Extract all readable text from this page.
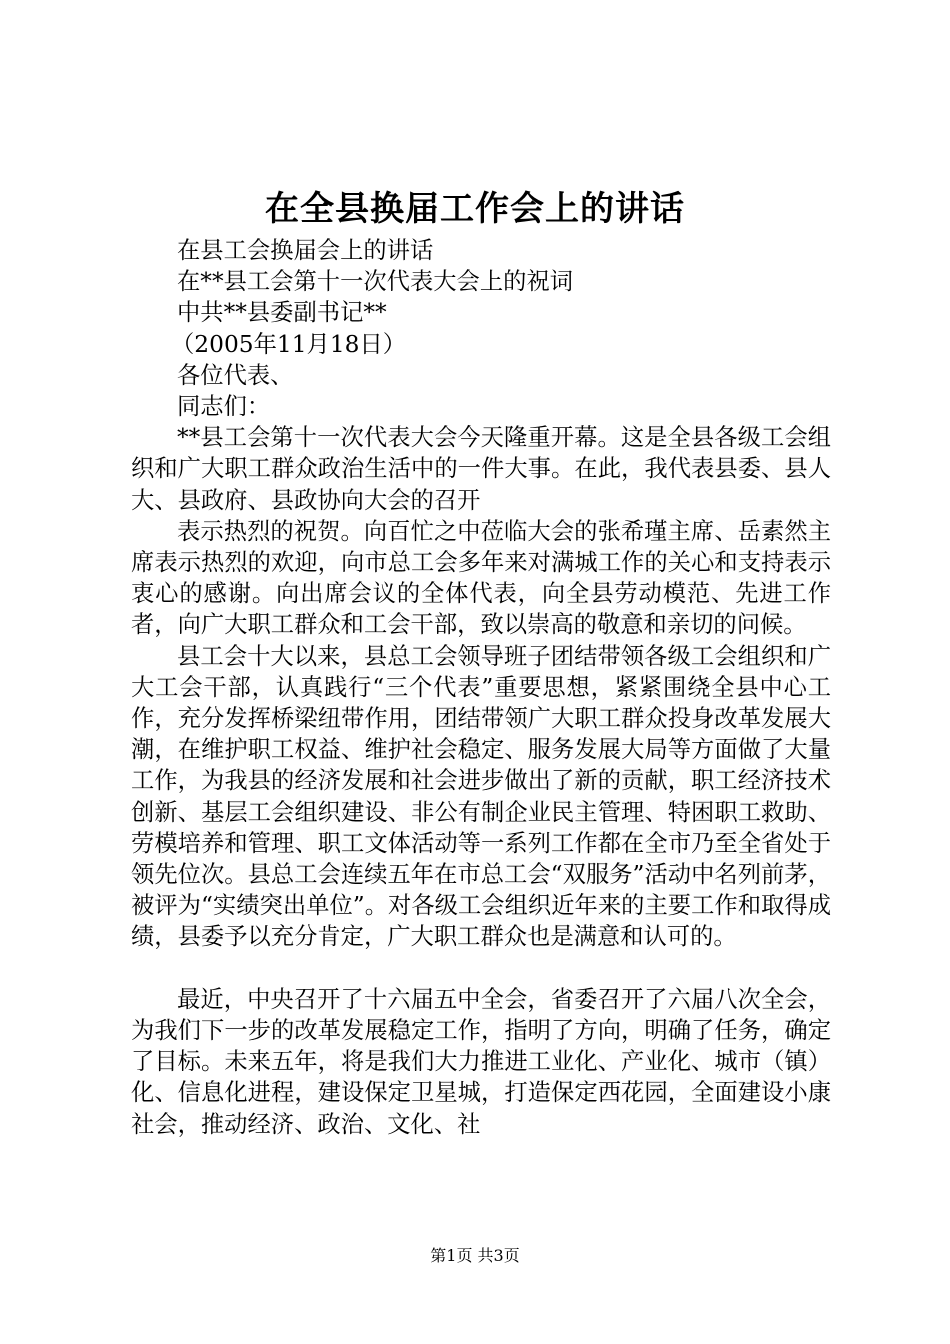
在全县换届工作会上的讲话
在县工会换届会上的讲话
在**县工会第十一次代表大会上的祝词
中共**县委副书记**
（2005年11月18日）
各位代表、
同志们：

**县工会第十一次代表大会今天隆重开幕。这是全县各级工会组织和广大职工群众政治生活中的一件大事。在此，我代表县委、县人大、县政府、县政协向大会的召开

表示热烈的祝贺。向百忙之中莅临大会的张希瑾主席、岳素然主席表示热烈的欢迎，向市总工会多年来对满城工作的关心和支持表示衷心的感谢。向出席会议的全体代表，向全县劳动模范、先进工作者，向广大职工群众和工会干部，致以崇高的敬意和亲切的问候。

县工会十大以来，县总工会领导班子团结带领各级工会组织和广大工会干部，认真践行“三个代表”重要思想，紧紧围绕全县中心工作，充分发挥桥梁纽带作用，团结带领广大职工群众投身改革发展大潮，在维护职工权益、维护社会稳定、服务发展大局等方面做了大量工作，为我县的经济发展和社会进步做出了新的贡献，职工经济技术创新、基层工会组织建设、非公有制企业民主管理、特困职工救助、劳模培养和管理、职工文体活动等一系列工作都在全市乃至全省处于领先位次。县总工会连续五年在市总工会“双服务”活动中名列前茅，被评为“实绩突出单位”。对各级工会组织近年来的主要工作和取得成绩，县委予以充分肯定，广大职工群众也是满意和认可的。

最近，中央召开了十六届五中全会，省委召开了六届八次全会，为我们下一步的改革发展稳定工作，指明了方向，明确了任务，确定了目标。未来五年，将是我们大力推进工业化、产业化、城市（镇）化、信息化进程，建设保定卫星城，打造保定西花园，全面建设小康社会，推动经济、政治、文化、社

第1页 共3页
